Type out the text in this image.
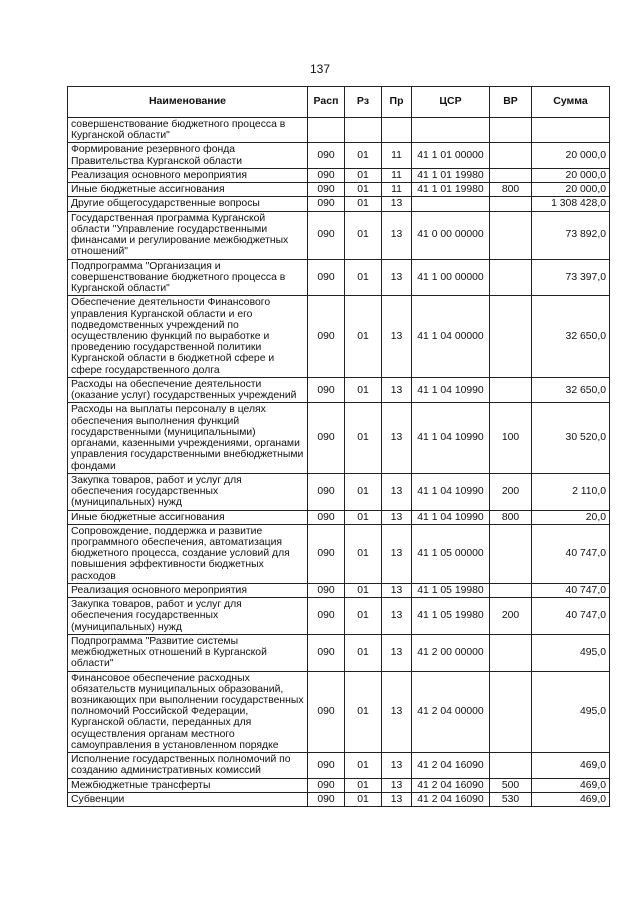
137
Наименование	Расп	Рз	Пр	ЦСР	ВР	Сумма
совершенствование бюджетного процесса в Курганской области"						
Формирование резервного фонда Правительства Курганской области	090	01	11	41 1 01 00000		20 000,0
Реализация основного мероприятия	090	01	11	41 1 01 19980		20 000,0
Иные бюджетные ассигнования	090	01	11	41 1 01 19980	800	20 000,0
Другие общегосударственные вопросы	090	01	13			1 308 428,0
Государственная программа Курганской области "Управление государственными финансами и регулирование межбюджетных отношений"	090	01	13	41 0 00 00000		73 892,0
Подпрограмма "Организация и совершенствование бюджетного процесса в Курганской области"	090	01	13	41 1 00 00000		73 397,0
Обеспечение деятельности Финансового управления Курганской области и его подведомственных учреждений по осуществлению функций по выработке и проведению государственной политики Курганской области в бюджетной сфере и сфере государственного долга	090	01	13	41 1 04 00000		32 650,0
Расходы на обеспечение деятельности (оказание услуг) государственных учреждений	090	01	13	41 1 04 10990		32 650,0
Расходы на выплаты персоналу в целях обеспечения выполнения функций государственными (муниципальными) органами, казенными учреждениями, органами управления государственными внебюджетными фондами	090	01	13	41 1 04 10990	100	30 520,0
Закупка товаров, работ и услуг для обеспечения государственных (муниципальных) нужд	090	01	13	41 1 04 10990	200	2 110,0
Иные бюджетные ассигнования	090	01	13	41 1 04 10990	800	20,0
Сопровождение, поддержка и развитие программного обеспечения, автоматизация бюджетного процесса, создание условий для повышения эффективности бюджетных расходов	090	01	13	41 1 05 00000		40 747,0
Реализация основного мероприятия	090	01	13	41 1 05 19980		40 747,0
Закупка товаров, работ и услуг для обеспечения государственных (муниципальных) нужд	090	01	13	41 1 05 19980	200	40 747,0
Подпрограмма "Развитие системы межбюджетных отношений в Курганской области"	090	01	13	41 2 00 00000		495,0
Финансовое обеспечение расходных обязательств муниципальных образований, возникающих при выполнении государственных полномочий Российской Федерации, Курганской области, переданных для осуществления органам местного самоуправления в установленном порядке	090	01	13	41 2 04 00000		495,0
Исполнение государственных полномочий по созданию административных комиссий	090	01	13	41 2 04 16090		469,0
Межбюджетные трансферты	090	01	13	41 2 04 16090	500	469,0
Субвенции	090	01	13	41 2 04 16090	530	469,0
